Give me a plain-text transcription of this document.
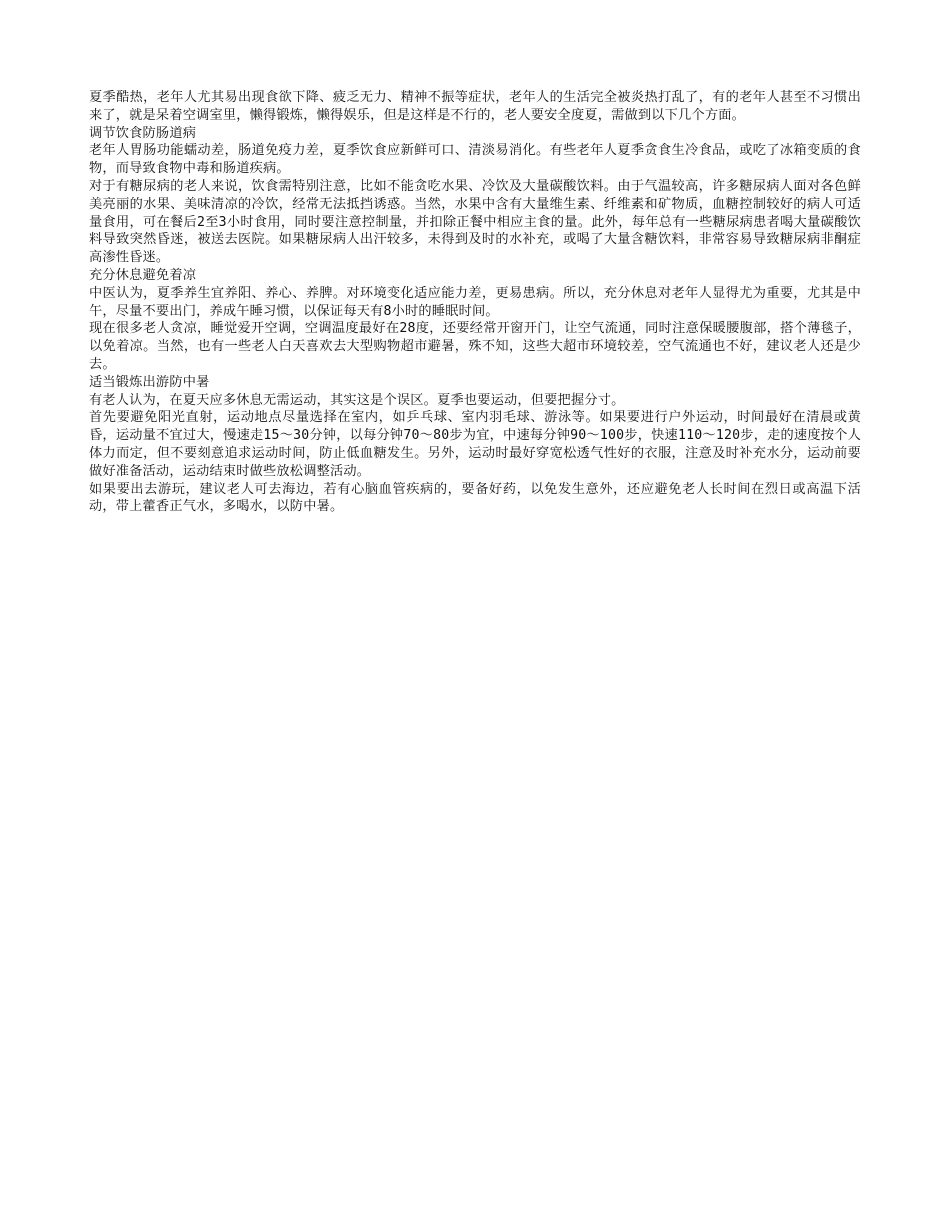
夏季酷热，老年人尤其易出现食欲下降、疲乏无力、精神不振等症状，老年人的生活完全被炎热打乱了，有的老年人甚至不习惯出来了，就是呆着空调室里，懒得锻炼，懒得娱乐，但是这样是不行的，老人要安全度夏，需做到以下几个方面。

调节饮食防肠道病

老年人胃肠功能蠕动差，肠道免疫力差，夏季饮食应新鲜可口、清淡易消化。有些老年人夏季贪食生冷食品，或吃了冰箱变质的食物，而导致食物中毒和肠道疾病。

对于有糖尿病的老人来说，饮食需特别注意，比如不能贪吃水果、冷饮及大量碳酸饮料。由于气温较高，许多糖尿病人面对各色鲜美亮丽的水果、美味清凉的冷饮，经常无法抵挡诱惑。当然，水果中含有大量维生素、纤维素和矿物质，血糖控制较好的病人可适量食用，可在餐后2至3小时食用，同时要注意控制量，并扣除正餐中相应主食的量。此外，每年总有一些糖尿病患者喝大量碳酸饮料导致突然昏迷，被送去医院。如果糖尿病人出汗较多，未得到及时的水补充，或喝了大量含糖饮料，非常容易导致糖尿病非酮症高渗性昏迷。

充分休息避免着凉

中医认为，夏季养生宜养阳、养心、养脾。对环境变化适应能力差，更易患病。所以，充分休息对老年人显得尤为重要，尤其是中午，尽量不要出门，养成午睡习惯，以保证每天有8小时的睡眠时间。

现在很多老人贪凉，睡觉爱开空调，空调温度最好在28度，还要经常开窗开门，让空气流通，同时注意保暖腰腹部，搭个薄毯子，以免着凉。当然，也有一些老人白天喜欢去大型购物超市避暑，殊不知，这些大超市环境较差，空气流通也不好，建议老人还是少去。

适当锻炼出游防中暑

有老人认为，在夏天应多休息无需运动，其实这是个误区。夏季也要运动，但要把握分寸。

首先要避免阳光直射，运动地点尽量选择在室内，如乒乓球、室内羽毛球、游泳等。如果要进行户外运动，时间最好在清晨或黄昏，运动量不宜过大，慢速走15～30分钟，以每分钟70～80步为宜，中速每分钟90～100步，快速110～120步，走的速度按个人体力而定，但不要刻意追求运动时间，防止低血糖发生。另外，运动时最好穿宽松透气性好的衣服，注意及时补充水分，运动前要做好准备活动，运动结束时做些放松调整活动。

如果要出去游玩，建议老人可去海边，若有心脑血管疾病的，要备好药，以免发生意外，还应避免老人长时间在烈日或高温下活动，带上藿香正气水，多喝水，以防中暑。
